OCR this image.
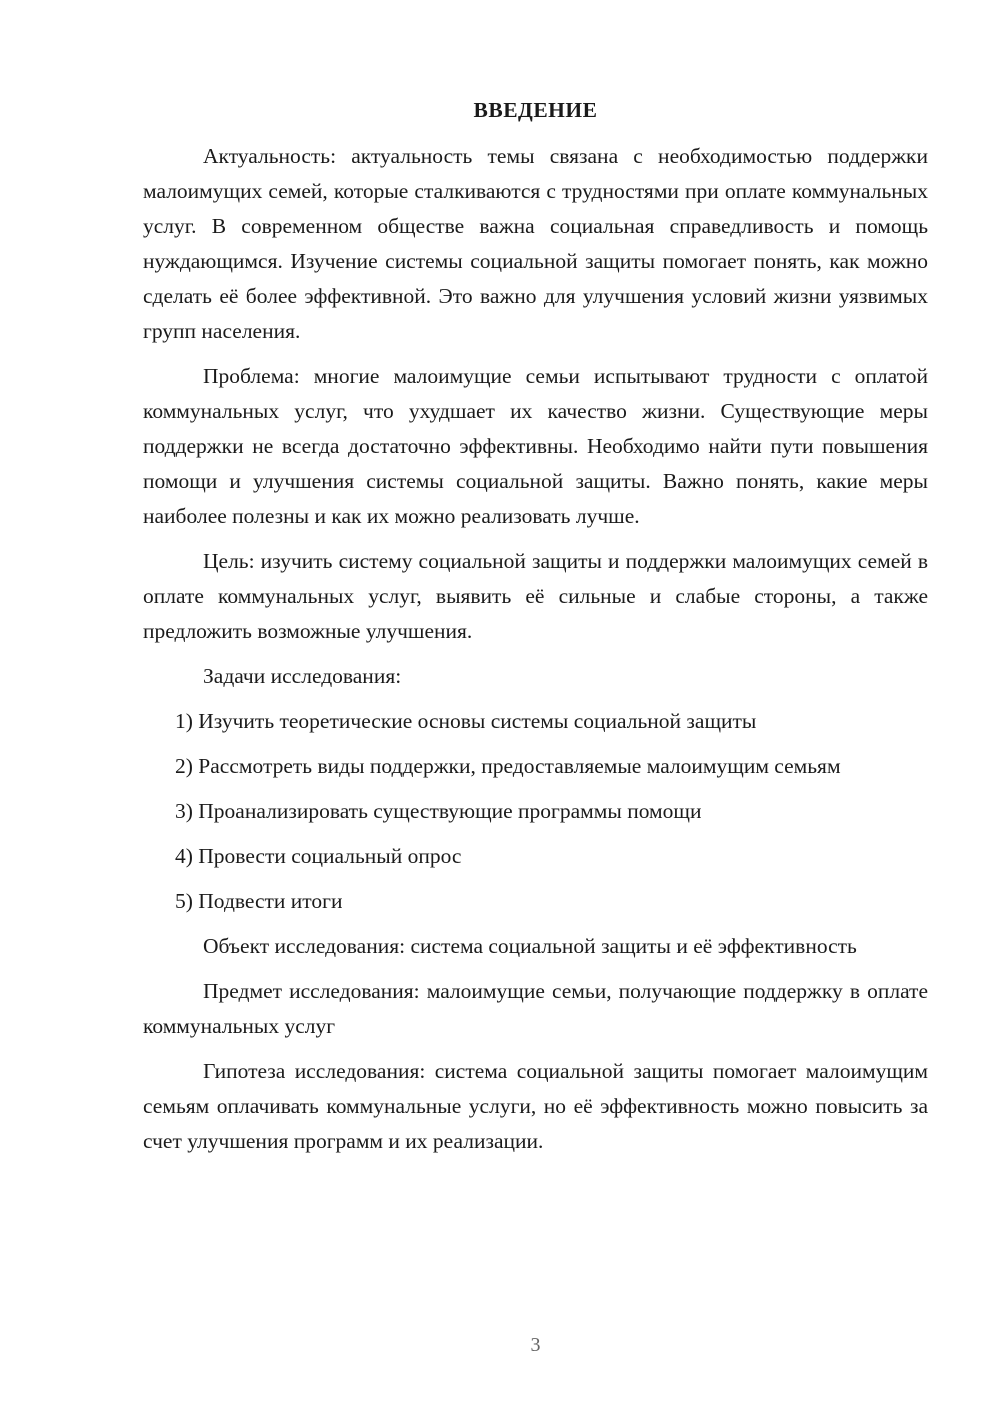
ВВЕДЕНИЕ

Актуальность: актуальность темы связана с необходимостью поддержки малоимущих семей, которые сталкиваются с трудностями при оплате коммунальных услуг. В современном обществе важна социальная справедливость и помощь нуждающимся. Изучение системы социальной защиты помогает понять, как можно сделать её более эффективной. Это важно для улучшения условий жизни уязвимых групп населения.

Проблема: многие малоимущие семьи испытывают трудности с оплатой коммунальных услуг, что ухудшает их качество жизни. Существующие меры поддержки не всегда достаточно эффективны. Необходимо найти пути повышения помощи и улучшения системы социальной защиты. Важно понять, какие меры наиболее полезны и как их можно реализовать лучше.

Цель: изучить систему социальной защиты и поддержки малоимущих семей в оплате коммунальных услуг, выявить её сильные и слабые стороны, а также предложить возможные улучшения.

Задачи исследования:

1) Изучить теоретические основы системы социальной защиты

2) Рассмотреть виды поддержки, предоставляемые малоимущим семьям

3) Проанализировать существующие программы помощи

4) Провести социальный опрос

5) Подвести итоги

Объект исследования: система социальной защиты и её эффективность

Предмет исследования: малоимущие семьи, получающие поддержку в оплате коммунальных услуг

Гипотеза исследования: система социальной защиты помогает малоимущим семьям оплачивать коммунальные услуги, но её эффективность можно повысить за счет улучшения программ и их реализации.

3
